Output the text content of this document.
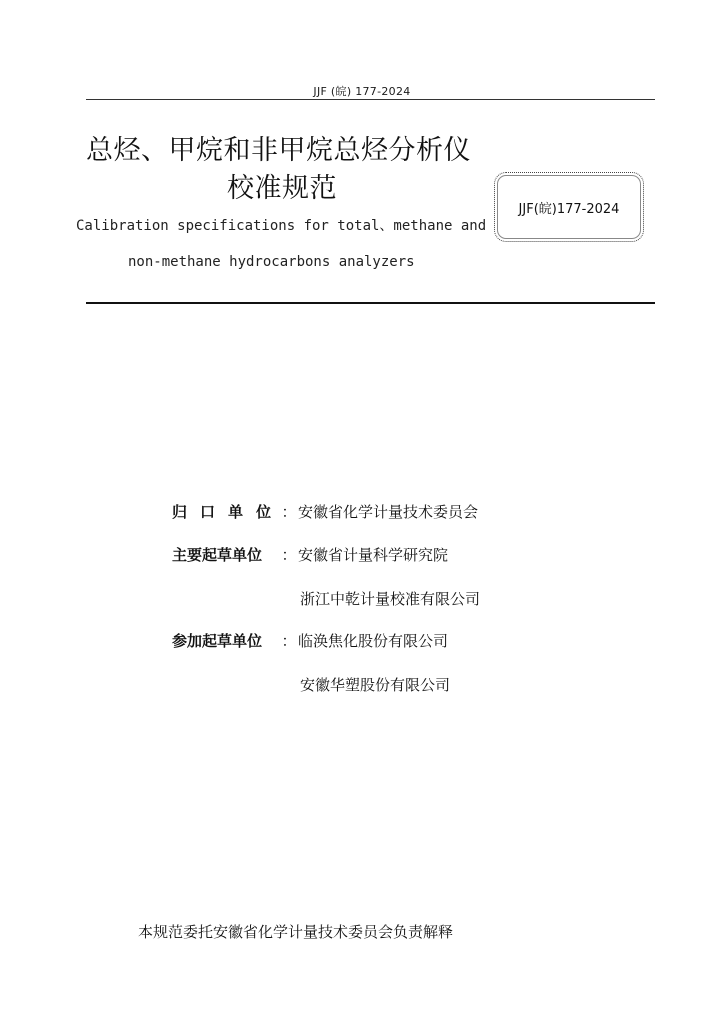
JJF (皖) 177-2024
总烃、甲烷和非甲烷总烃分析仪
校准规范
Calibration specifications for total、methane and
non-methane hydrocarbons analyzers
JJF(皖)177-2024
归口单位： 安徽省化学计量技术委员会
主要起草单位 ： 安徽省计量科学研究院
浙江中乾计量校准有限公司
参加起草单位 ： 临涣焦化股份有限公司
安徽华塑股份有限公司
本规范委托安徽省化学计量技术委员会负责解释
